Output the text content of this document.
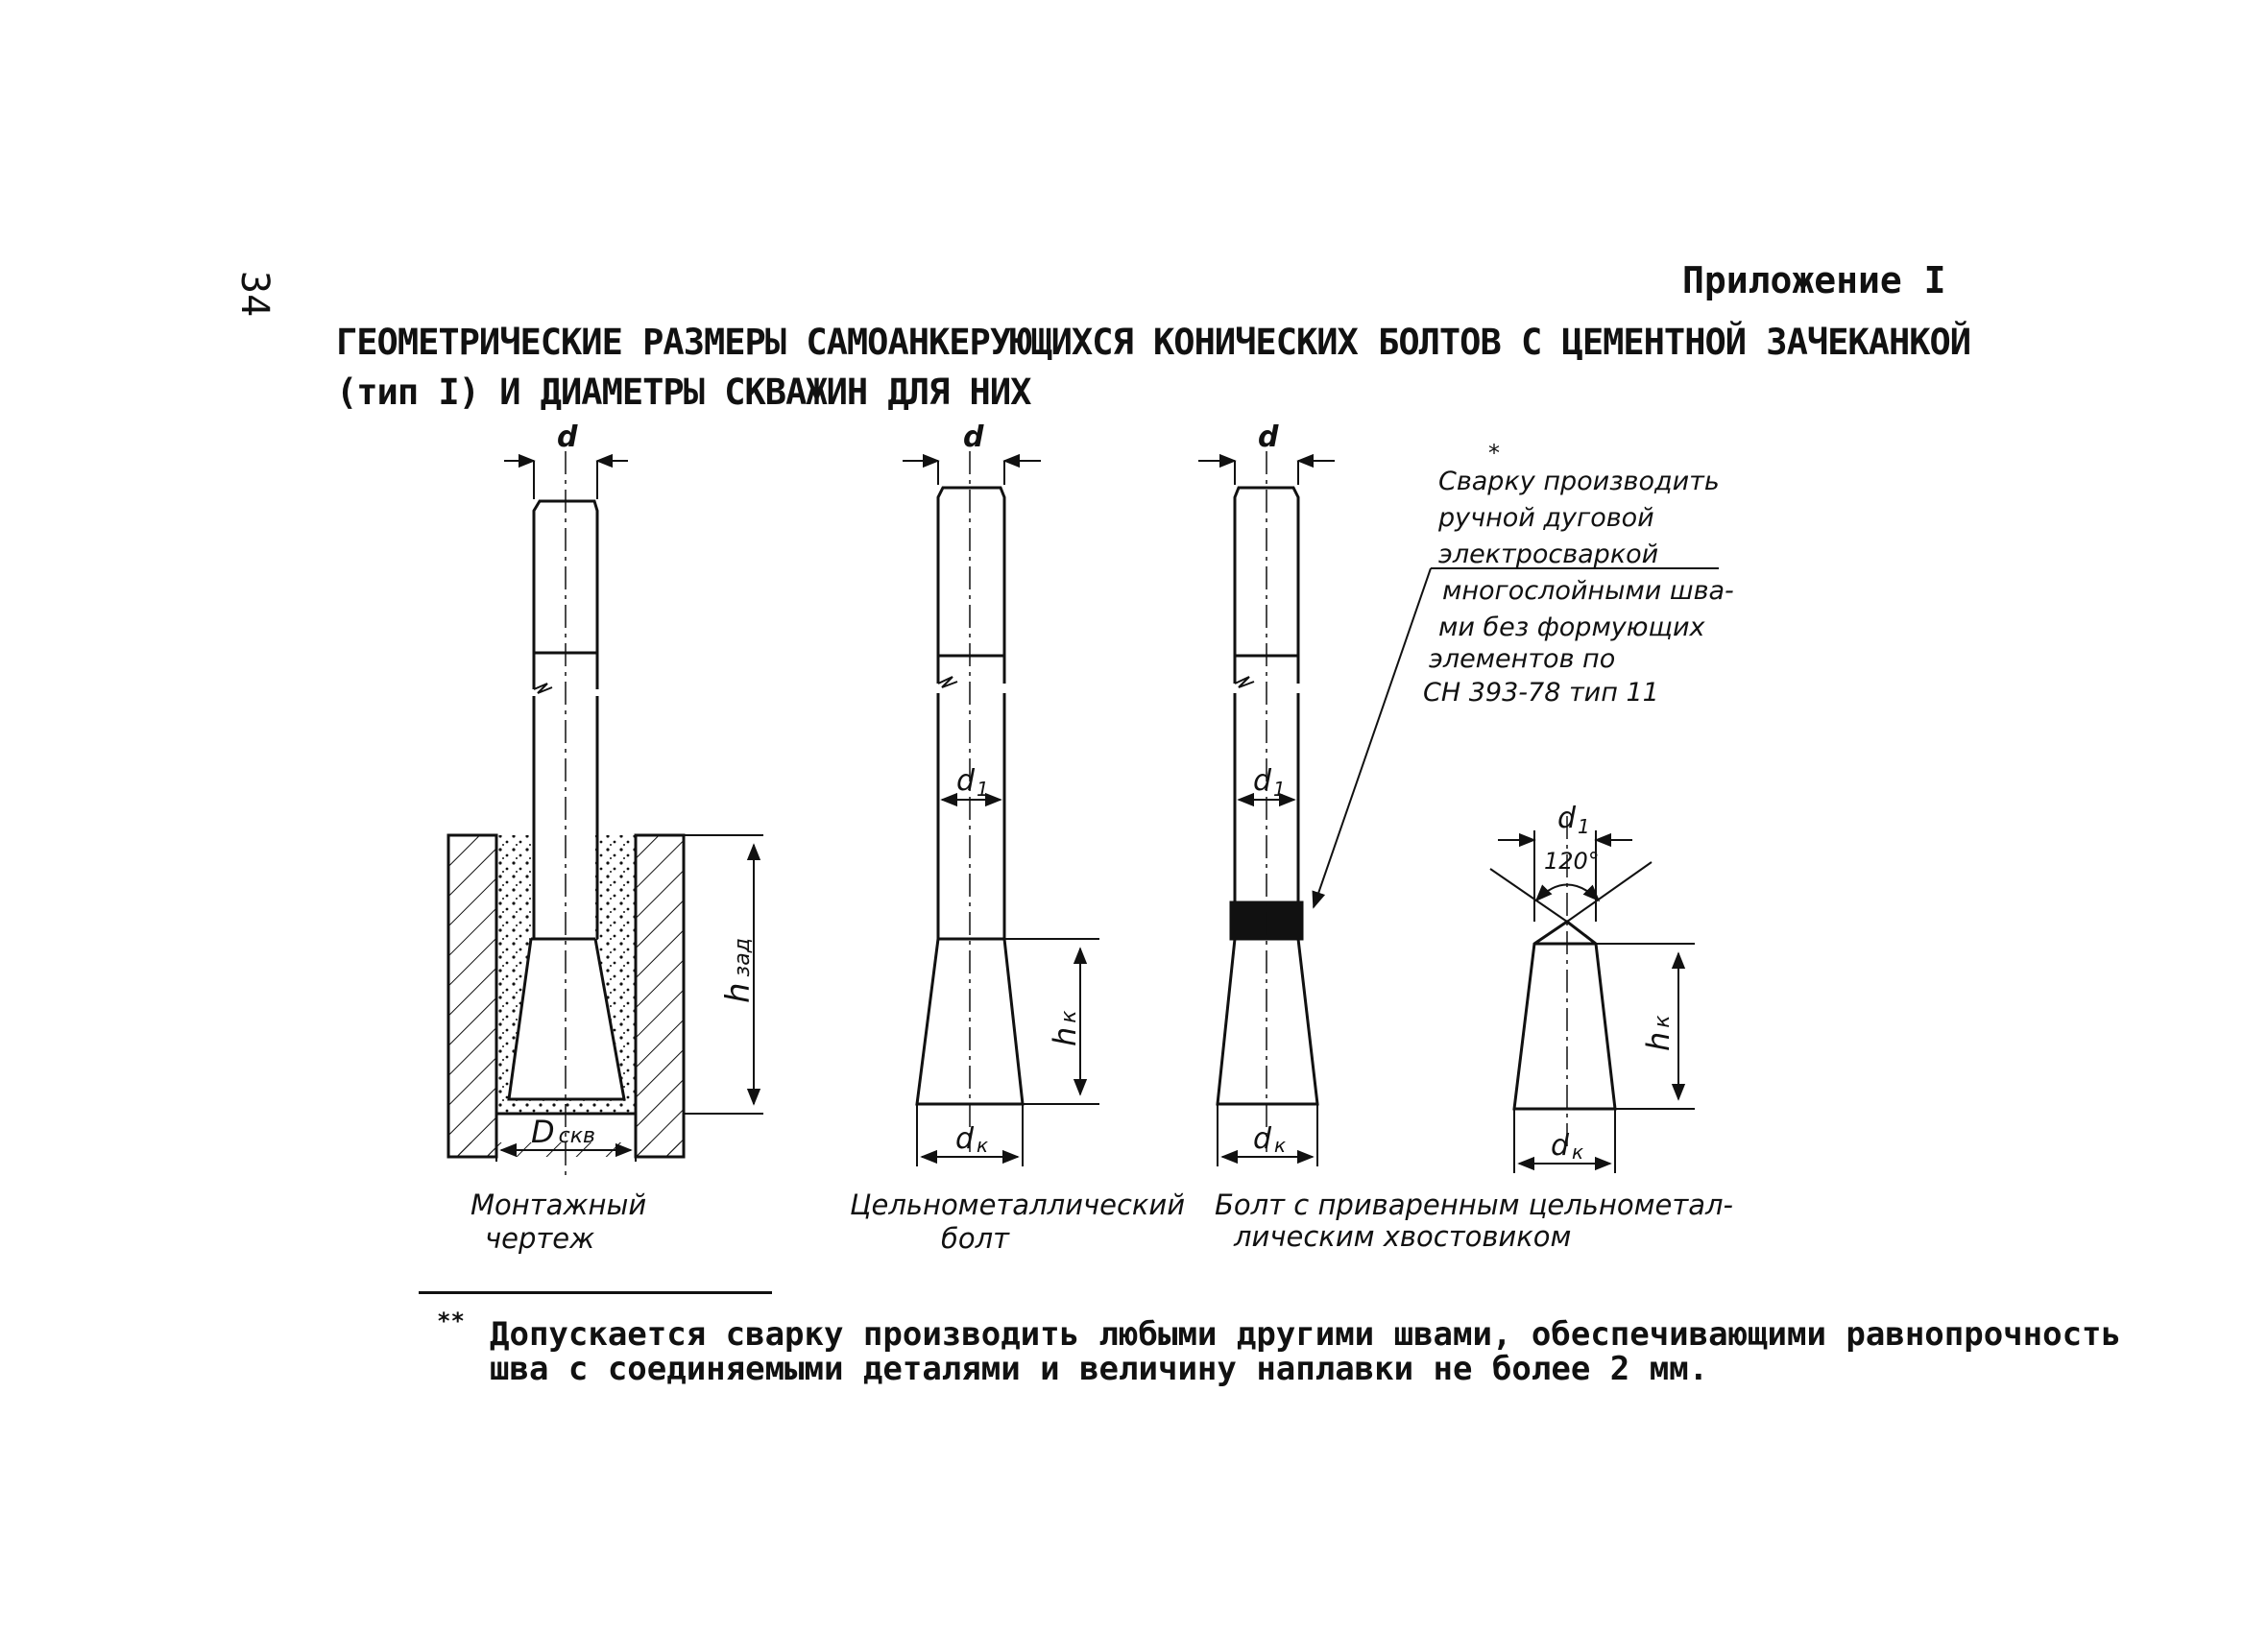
34	Приложение I
ГЕОМЕТРИЧЕСКИЕ РАЗМЕРЫ САМОАНКЕРУЮЩИХСЯ КОНИЧЕСКИХ БОЛТОВ С ЦЕМЕНТНОЙ ЗАЧЕКАНКОЙ
(тип I) И ДИАМЕТРЫ СКВАЖИН ДЛЯ НИХ
d
hзад
D скв
Монтажный
чертеж
d
d $_1$
hк
dк
Цельнометаллический
болт
d
d $_1$
dк
Болт с приваренным цельнометал-
лическим хвостовиком
*
Сварку производить
ручной дуговой
электросваркой
многослойными шва-
ми без формующих
элементов по
СН 393-78 тип 11
d $_1$
120°
hк
dк
** Допускается сварку производить любыми другими швами, обеспечивающими равнопрочность
шва с соединяемыми деталями и величину наплавки не более 2 мм.
